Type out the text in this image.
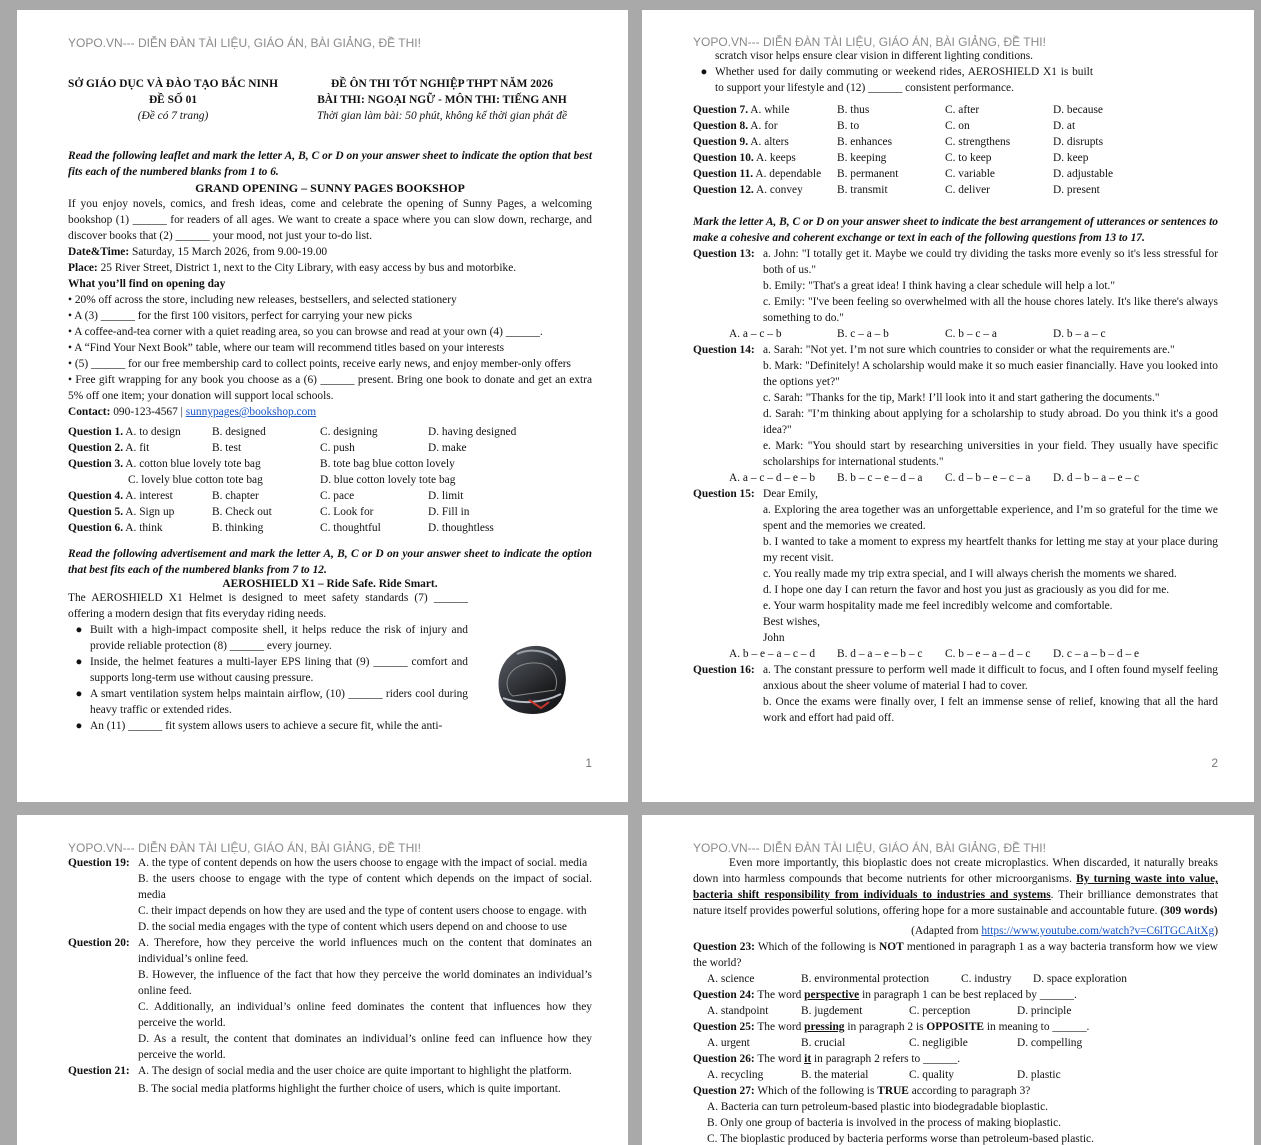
YOPO.VN--- DIỄN ĐÀN TÀI LIỆU, GIÁO ÁN, BÀI GIẢNG, ĐỀ THI!
SỞ GIÁO DỤC VÀ ĐÀO TẠO BẮC NINH	ĐỀ ÔN THI TỐT NGHIỆP THPT NĂM 2026
ĐỀ SỐ 01	BÀI THI: NGOẠI NGỮ - MÔN THI: TIẾNG ANH
(Đề có 7 trang)	Thời gian làm bài: 50 phút, không kể thời gian phát đề
Read the following leaflet and mark the letter A, B, C or D on your answer sheet to indicate the option that best fits each of the numbered blanks from 1 to 6.
GRAND OPENING – SUNNY PAGES BOOKSHOP
If you enjoy novels, comics, and fresh ideas, come and celebrate the opening of Sunny Pages, a welcoming bookshop (1) ______ for readers of all ages. We want to create a space where you can slow down, recharge, and discover books that (2) ______ your mood, not just your to-do list.
Date&Time: Saturday, 15 March 2026, from 9.00-19.00
Place: 25 River Street, District 1, next to the City Library, with easy access by bus and motorbike.
What you’ll find on opening day
• 20% off across the store, including new releases, bestsellers, and selected stationery
• A (3) ______ for the first 100 visitors, perfect for carrying your new picks
• A coffee-and-tea corner with a quiet reading area, so you can browse and read at your own (4) ______.
• A “Find Your Next Book” table, where our team will recommend titles based on your interests
• (5) ______ for our free membership card to collect points, receive early news, and enjoy member-only offers
• Free gift wrapping for any book you choose as a (6) ______ present. Bring one book to donate and get an extra 5% off one item; your donation will support local schools.
Contact: 090-123-4567 | sunnypages@bookshop.com
Question 1. A. to design	B. designed	C. designing	D. having designed
Question 2. A. fit	B. test	C. push	D. make
Question 3. A. cotton blue lovely tote bag	B. tote bag blue cotton lovely
C. lovely blue cotton tote bag	D. blue cotton lovely tote bag
Question 4. A. interest	B. chapter	C. pace	D. limit
Question 5. A. Sign up	B. Check out	C. Look for	D. Fill in
Question 6. A. think	B. thinking	C. thoughtful	D. thoughtless
Read the following advertisement and mark the letter A, B, C or D on your answer sheet to indicate the option that best fits each of the numbered blanks from 7 to 12.
AEROSHIELD X1 – Ride Safe. Ride Smart.
The AEROSHIELD X1 Helmet is designed to meet safety standards (7) ______ offering a modern design that fits everyday riding needs.
● Built with a high-impact composite shell, it helps reduce the risk of injury and provide reliable protection (8) ______ every journey.
● Inside, the helmet features a multi-layer EPS lining that (9) ______ comfort and supports long-term use without causing pressure.
● A smart ventilation system helps maintain airflow, (10) ______ riders cool during heavy traffic or extended rides.
● An (11) ______ fit system allows users to achieve a secure fit, while the anti-
1
YOPO.VN--- DIỄN ĐÀN TÀI LIỆU, GIÁO ÁN, BÀI GIẢNG, ĐỀ THI!
scratch visor helps ensure clear vision in different lighting conditions.
● Whether used for daily commuting or weekend rides, AEROSHIELD X1 is built to support your lifestyle and (12) ______ consistent performance.
Question 7. A. while	B. thus	C. after	D. because
Question 8. A. for	B. to	C. on	D. at
Question 9. A. alters	B. enhances	C. strengthens	D. disrupts
Question 10. A. keeps	B. keeping	C. to keep	D. keep
Question 11. A. dependable	B. permanent	C. variable	D. adjustable
Question 12. A. convey	B. transmit	C. deliver	D. present
Mark the letter A, B, C or D on your answer sheet to indicate the best arrangement of utterances or sentences to make a cohesive and coherent exchange or text in each of the following questions from 13 to 17.
Question 13: a. John: "I totally get it. Maybe we could try dividing the tasks more evenly so it's less stressful for both of us."
b. Emily: "That's a great idea! I think having a clear schedule will help a lot."
c. Emily: "I've been feeling so overwhelmed with all the house chores lately. It's like there's always something to do."
A. a – c – b	B. c – a – b	C. b – c – a	D. b – a – c
Question 14: a. Sarah: "Not yet. I’m not sure which countries to consider or what the requirements are."
b. Mark: "Definitely! A scholarship would make it so much easier financially. Have you looked into the options yet?"
c. Sarah: "Thanks for the tip, Mark! I’ll look into it and start gathering the documents."
d. Sarah: "I’m thinking about applying for a scholarship to study abroad. Do you think it's a good idea?"
e. Mark: "You should start by researching universities in your field. They usually have specific scholarships for international students."
A. a – c – d – e – b	B. b – c – e – d – a	C. d – b – e – c – a	D. d – b – a – e – c
Question 15: Dear Emily,
a. Exploring the area together was an unforgettable experience, and I’m so grateful for the time we spent and the memories we created.
b. I wanted to take a moment to express my heartfelt thanks for letting me stay at your place during my recent visit.
c. You really made my trip extra special, and I will always cherish the moments we shared.
d. I hope one day I can return the favor and host you just as graciously as you did for me.
e. Your warm hospitality made me feel incredibly welcome and comfortable.
Best wishes,
John
A. b – e – a – c – d	B. d – a – e – b – c	C. b – e – a – d – c	D. c – a – b – d – e
Question 16: a. The constant pressure to perform well made it difficult to focus, and I often found myself feeling anxious about the sheer volume of material I had to cover.
b. Once the exams were finally over, I felt an immense sense of relief, knowing that all the hard work and effort had paid off.
2
YOPO.VN--- DIỄN ĐÀN TÀI LIỆU, GIÁO ÁN, BÀI GIẢNG, ĐỀ THI!
Question 19: A. the type of content depends on how the users choose to engage with the impact of social. media
B. the users choose to engage with the type of content which depends on the impact of social. media
C. their impact depends on how they are used and the type of content users choose to engage. with
D. the social media engages with the type of content which users depend on and choose to use
Question 20: A. Therefore, how they perceive the world influences much on the content that dominates an individual’s online feed.
B. However, the influence of the fact that how they perceive the world dominates an individual’s online feed.
C. Additionally, an individual’s online feed dominates the content that influences how they perceive the world.
D. As a result, the content that dominates an individual’s online feed can influence how they perceive the world.
Question 21: A. The design of social media and the user choice are quite important to highlight the platform.
B. The social media platforms highlight the further choice of users, which is quite important.
YOPO.VN--- DIỄN ĐÀN TÀI LIỆU, GIÁO ÁN, BÀI GIẢNG, ĐỀ THI!
Even more importantly, this bioplastic does not create microplastics. When discarded, it naturally breaks down into harmless compounds that become nutrients for other microorganisms. By turning waste into value, bacteria shift responsibility from individuals to industries and systems. Their brilliance demonstrates that nature itself provides powerful solutions, offering hope for a more sustainable and accountable future. (309 words)
(Adapted from https://www.youtube.com/watch?v=C6lTGCAitXg)
Question 23: Which of the following is NOT mentioned in paragraph 1 as a way bacteria transform how we view the world?
A. science	B. environmental protection	C. industry	D. space exploration
Question 24: The word perspective in paragraph 1 can be best replaced by ______.
A. standpoint	B. jugdement	C. perception	D. principle
Question 25: The word pressing in paragraph 2 is OPPOSITE in meaning to ______.
A. urgent	B. crucial	C. negligible	D. compelling
Question 26: The word it in paragraph 2 refers to ______.
A. recycling	B. the material	C. quality	D. plastic
Question 27: Which of the following is TRUE according to paragraph 3?
A. Bacteria can turn petroleum-based plastic into biodegradable bioplastic.
B. Only one group of bacteria is involved in the process of making bioplastic.
C. The bioplastic produced by bacteria performs worse than petroleum-based plastic.
